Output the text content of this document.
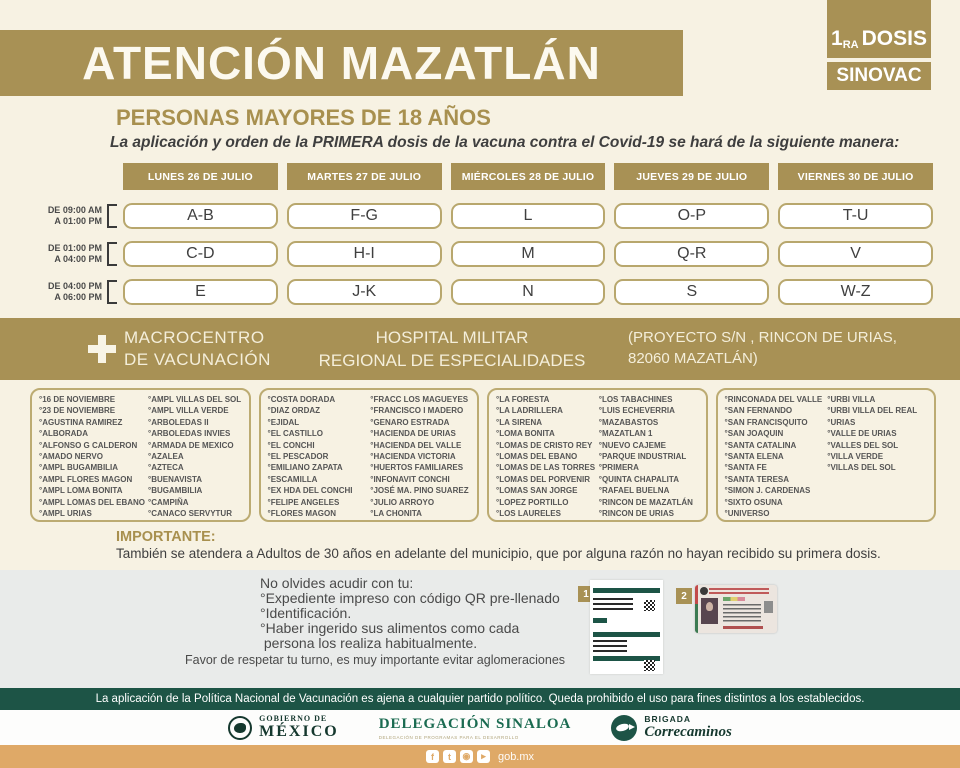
ATENCIÓN MAZATLÁN	$1_{RA}$ DOSIS
SINOVAC
PERSONAS MAYORES DE 18 AÑOS
La aplicación y orden de la PRIMERA dosis de la vacuna contra el Covid-19 se hará de la siguiente manera:
LUNES 26 DE JULIO	MARTES 27 DE JULIO	MIÉRCOLES 28 DE JULIO	JUEVES 29 DE JULIO	VIERNES 30 DE JULIO
DE 09:00 AM
A 01:00 PM	A-B	F-G	L	O-P	T-U
DE 01:00 PM
A 04:00 PM	C-D	H-I	M	Q-R	V
DE 04:00 PM
A 06:00 PM	E	J-K	N	S	W-Z
MACROCENTRO
DE VACUNACIÓN
HOSPITAL MILITAR
REGIONAL DE ESPECIALIDADES
(PROYECTO S/N , RINCON DE URIAS,
82060 MAZATLÁN)
°16 DE NOVIEMBRE
°23 DE NOVIEMBRE
°AGUSTINA RAMIREZ
°ALBORADA
°ALFONSO G CALDERON
°AMADO NERVO
°AMPL BUGAMBILIA
°AMPL FLORES MAGON
°AMPL LOMA BONITA
°AMPL LOMAS DEL EBANO
°AMPL URIAS
°AMPL VILLAS DEL SOL
°AMPL VILLA VERDE
°ARBOLEDAS II
°ARBOLEDAS INVIES
°ARMADA DE MEXICO
°AZALEA
°AZTECA
°BUENAVISTA
°BUGAMBILIA
°CAMPIÑA
°CANACO SERVYTUR
°COSTA DORADA
°DIAZ ORDAZ
°EJIDAL
°EL CASTILLO
°EL CONCHI
°EL PESCADOR
°EMILIANO ZAPATA
°ESCAMILLA
°EX HDA DEL CONCHI
°FELIPE ANGELES
°FLORES MAGON
°FRACC LOS MAGUEYES
°FRANCISCO I MADERO
°GENARO ESTRADA
°HACIENDA DE URIAS
°HACIENDA DEL VALLE
°HACIENDA VICTORIA
°HUERTOS FAMILIARES
°INFONAVIT CONCHI
°JOSÉ MA. PINO SUAREZ
°JULIO ARROYO
°LA CHONITA
°LA FORESTA
°LA LADRILLERA
°LA SIRENA
°LOMA BONITA
°LOMAS DE CRISTO REY
°LOMAS DEL EBANO
°LOMAS DE LAS TORRES
°LOMAS DEL PORVENIR
°LOMAS SAN JORGE
°LOPEZ PORTILLO
°LOS LAURELES
°LOS TABACHINES
°LUIS ECHEVERRIA
°MAZABASTOS
°MAZATLAN 1
°NUEVO CAJEME
°PARQUE INDUSTRIAL
°PRIMERA
°QUINTA CHAPALITA
°RAFAEL BUELNA
°RINCON DE MAZATLÁN
°RINCON DE URIAS
°RINCONADA DEL VALLE
°SAN FERNANDO
°SAN FRANCISQUITO
°SAN JOAQUIN
°SANTA CATALINA
°SANTA ELENA
°SANTA FE
°SANTA TERESA
°SIMON J. CARDENAS
°SIXTO OSUNA
°UNIVERSO
°URBI VILLA
°URBI VILLA DEL REAL
°URIAS
°VALLE DE URIAS
°VALLES DEL SOL
°VILLA VERDE
°VILLAS DEL SOL
IMPORTANTE:
También se atendera a Adultos de 30 años en adelante del municipio, que por alguna razón no hayan recibido su primera dosis.
No olvides acudir con tu:
°Expediente impreso con código QR pre-llenado
°Identificación.
°Haber ingerido sus alimentos como cada
persona los realiza habitualmente.
1	2
Favor de respetar tu turno, es muy importante evitar aglomeraciones
La aplicación de la Política Nacional de Vacunación es ajena a cualquier partido político. Queda prohibido el uso para fines distintos a los establecidos.
GOBIERNO DE
MÉXICO	DELEGACIÓN SINALOA
DELEGACIÓN DE PROGRAMAS PARA EL DESARROLLO
BRIGADA
Correcaminos
f	t	◉	▸	gob.mx
